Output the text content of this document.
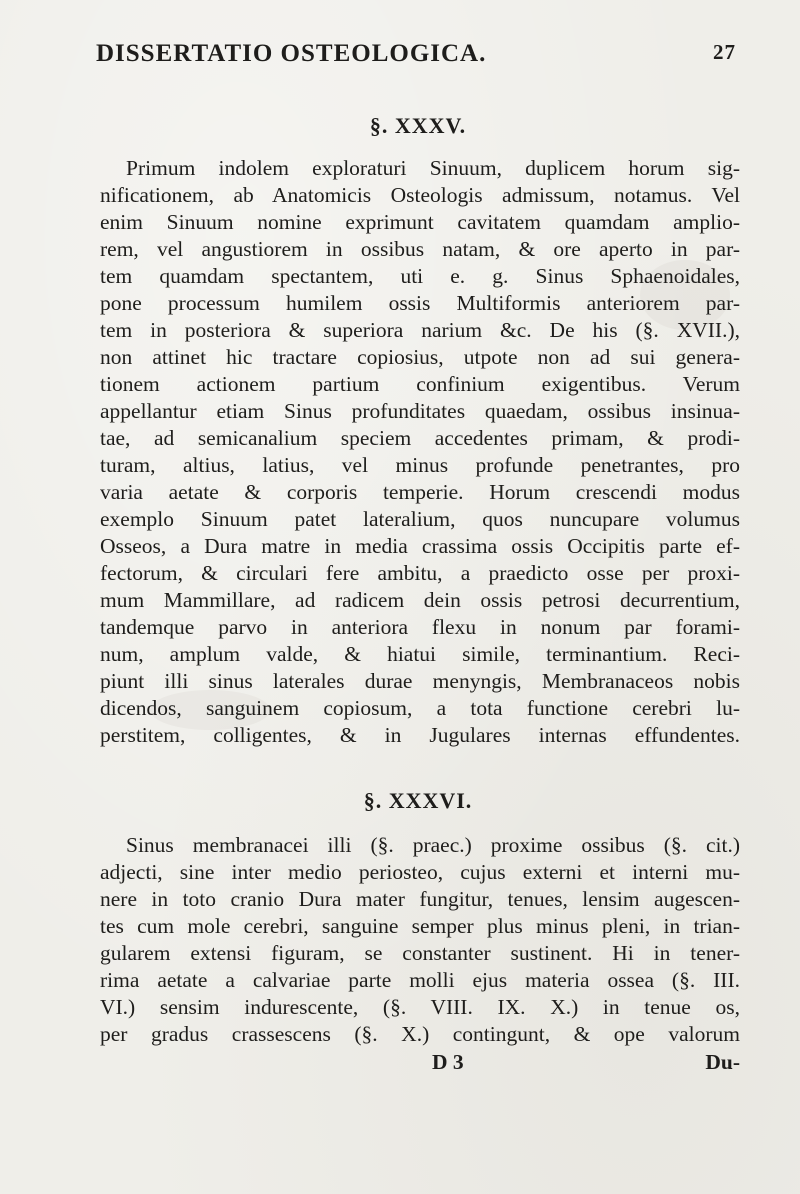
DISSERTATIO OSTEOLOGICA.	27
§. XXXV.
Primum indolem exploraturi Sinuum, duplicem horum sig-
nificationem, ab Anatomicis Osteologis admissum, notamus. Vel
enim Sinuum nomine exprimunt cavitatem quamdam amplio-
rem, vel angustiorem in ossibus natam, & ore aperto in par-
tem quamdam spectantem, uti e. g. Sinus Sphaenoidales,
pone processum humilem ossis Multiformis anteriorem par-
tem in posteriora & superiora narium &c. De his (§. XVII.),
non attinet hic tractare copiosius, utpote non ad sui genera-
tionem actionem partium confinium exigentibus. Verum
appellantur etiam Sinus profunditates quaedam, ossibus insinua-
tae, ad semicanalium speciem accedentes primam, & prodi-
turam, altius, latius, vel minus profunde penetrantes, pro
varia aetate & corporis temperie. Horum crescendi modus
exemplo Sinuum patet lateralium, quos nuncupare volumus
Osseos, a Dura matre in media crassima ossis Occipitis parte ef-
fectorum, & circulari fere ambitu, a praedicto osse per proxi-
mum Mammillare, ad radicem dein ossis petrosi decurrentium,
tandemque parvo in anteriora flexu in nonum par forami-
num, amplum valde, & hiatui simile, terminantium. Reci-
piunt illi sinus laterales durae menyngis, Membranaceos nobis
dicendos, sanguinem copiosum, a tota functione cerebri lu-
§. XXXVI.
perstitem, colligentes, & in Jugulares internas effundentes.
Sinus membranacei illi (§. praec.) proxime ossibus (§. cit.)
adjecti, sine inter medio periosteo, cujus externi et interni mu-
nere in toto cranio Dura mater fungitur, tenues, lensim augescen-
tes cum mole cerebri, sanguine semper plus minus pleni, in trian-
gularem extensi figuram, se constanter sustinent. Hi in tener-
rima aetate a calvariae parte molli ejus materia ossea (§. III.
VI.) sensim indurescente, (§. VIII. IX. X.) in tenue os,
per gradus crassescens (§. X.) contingunt, & ope valorum
D 3	Du-
